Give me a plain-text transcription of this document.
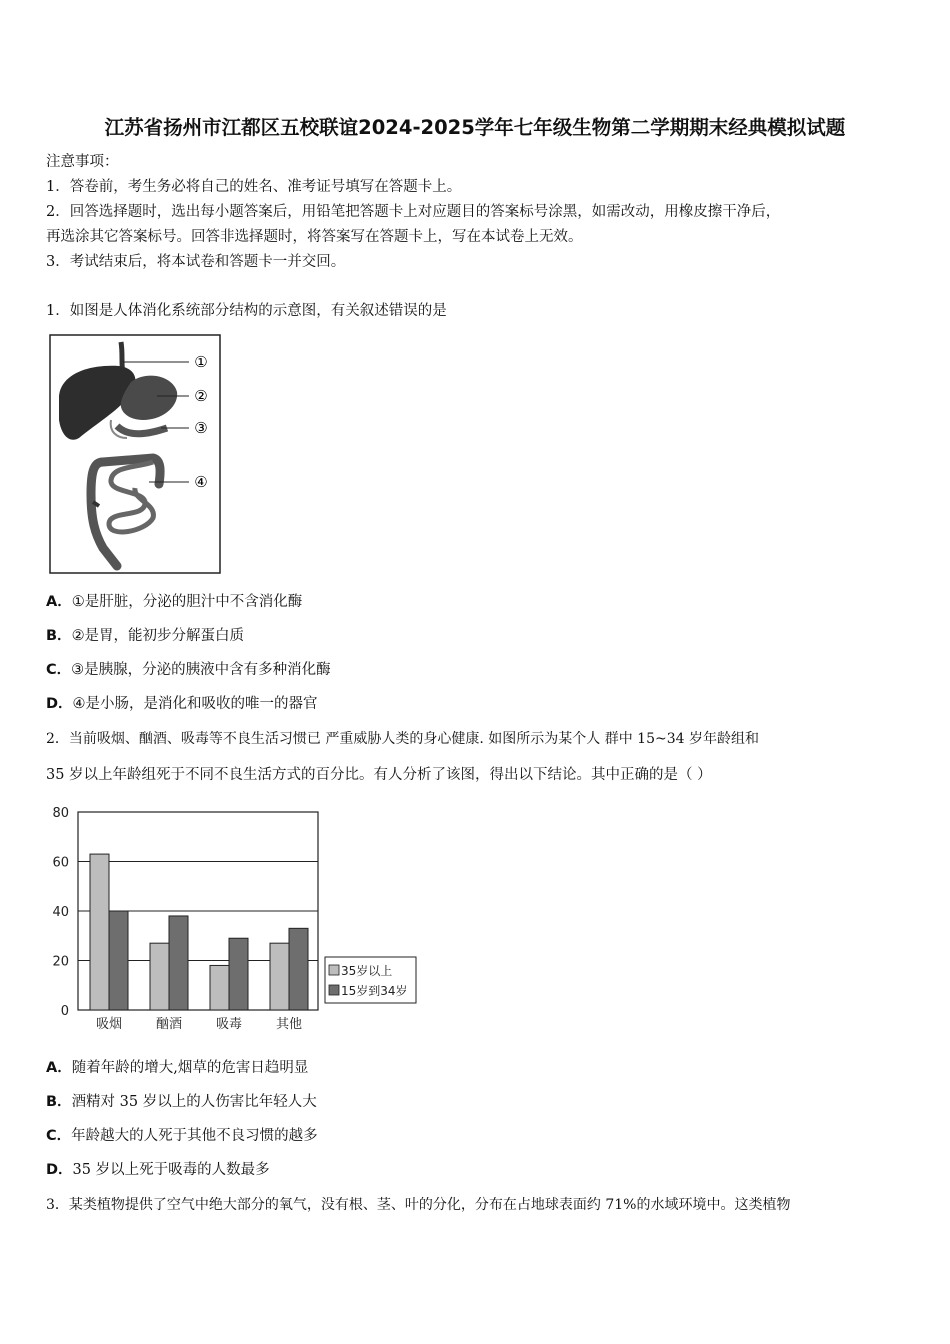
江苏省扬州市江都区五校联谊2024-2025学年七年级生物第二学期期末经典模拟试题
注意事项：
1．答卷前，考生务必将自己的姓名、准考证号填写在答题卡上。
2．回答选择题时，选出每小题答案后，用铅笔把答题卡上对应题目的答案标号涂黑，如需改动，用橡皮擦干净后，
再选涂其它答案标号。回答非选择题时，将答案写在答题卡上，写在本试卷上无效。
3．考试结束后，将本试卷和答题卡一并交回。
1．如图是人体消化系统部分结构的示意图，有关叙述错误的是
①
②
③
④
A．①是肝脏，分泌的胆汁中不含消化酶
B．②是胃，能初步分解蛋白质
C．③是胰腺，分泌的胰液中含有多种消化酶
D．④是小肠，是消化和吸收的唯一的器官
2．当前吸烟、酗酒、吸毒等不良生活习惯已 严重威胁人类的身心健康. 如图所示为某个人 群中 15~34 岁年龄组和
35 岁以上年龄组死于不同不良生活方式的百分比。有人分析了该图，得出以下结论。其中正确的是（ ）
0
20
40
60
80
吸烟	酗酒	吸毒	其他
35岁以上
15岁到34岁
A．随着年龄的增大,烟草的危害日趋明显
B．酒精对 35 岁以上的人伤害比年轻人大
C．年龄越大的人死于其他不良习惯的越多
D．35 岁以上死于吸毒的人数最多
3．某类植物提供了空气中绝大部分的氧气，没有根、茎、叶的分化，分布在占地球表面约 71%的水域环境中。这类植物
